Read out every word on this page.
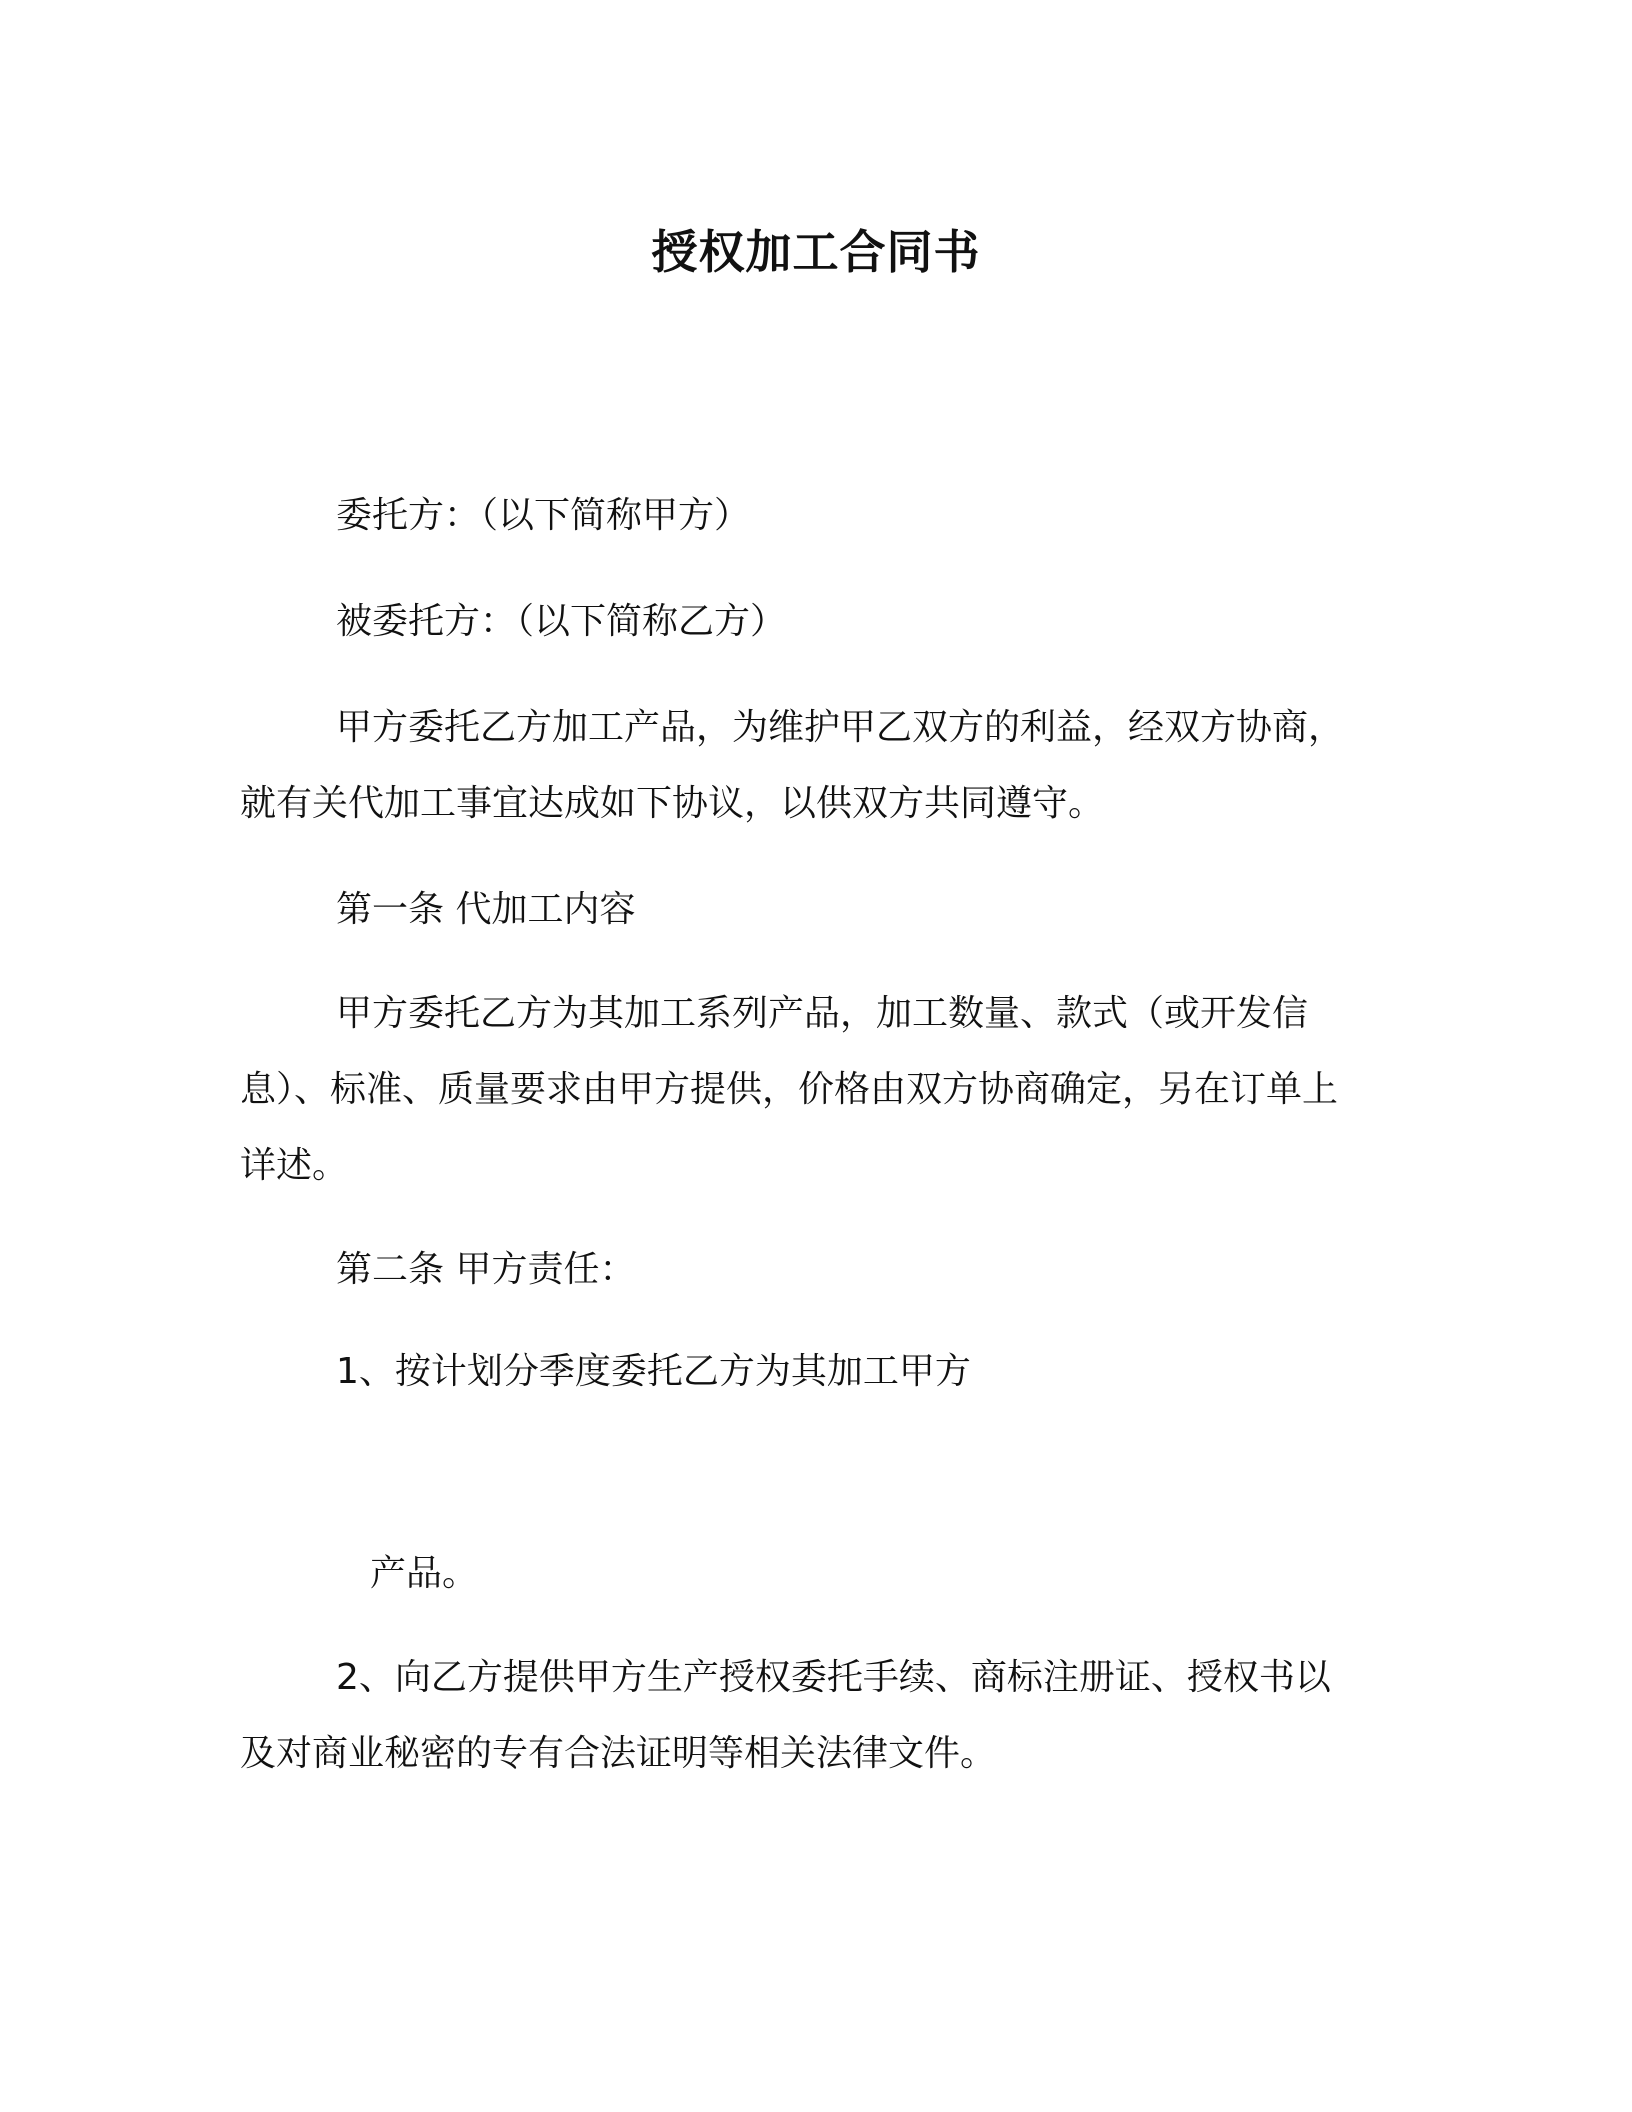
授权加工合同书

委托方：（以下简称甲方）

被委托方：（以下简称乙方）

甲方委托乙方加工产品，为维护甲乙双方的利益，经双方协商，就有关代加工事宜达成如下协议，以供双方共同遵守。

第一条 代加工内容

甲方委托乙方为其加工系列产品，加工数量、款式（或开发信息）、标准、质量要求由甲方提供，价格由双方协商确定，另在订单上详述。

第二条 甲方责任：

1、按计划分季度委托乙方为其加工甲方

产品。

2、向乙方提供甲方生产授权委托手续、商标注册证、授权书以及对商业秘密的专有合法证明等相关法律文件。
